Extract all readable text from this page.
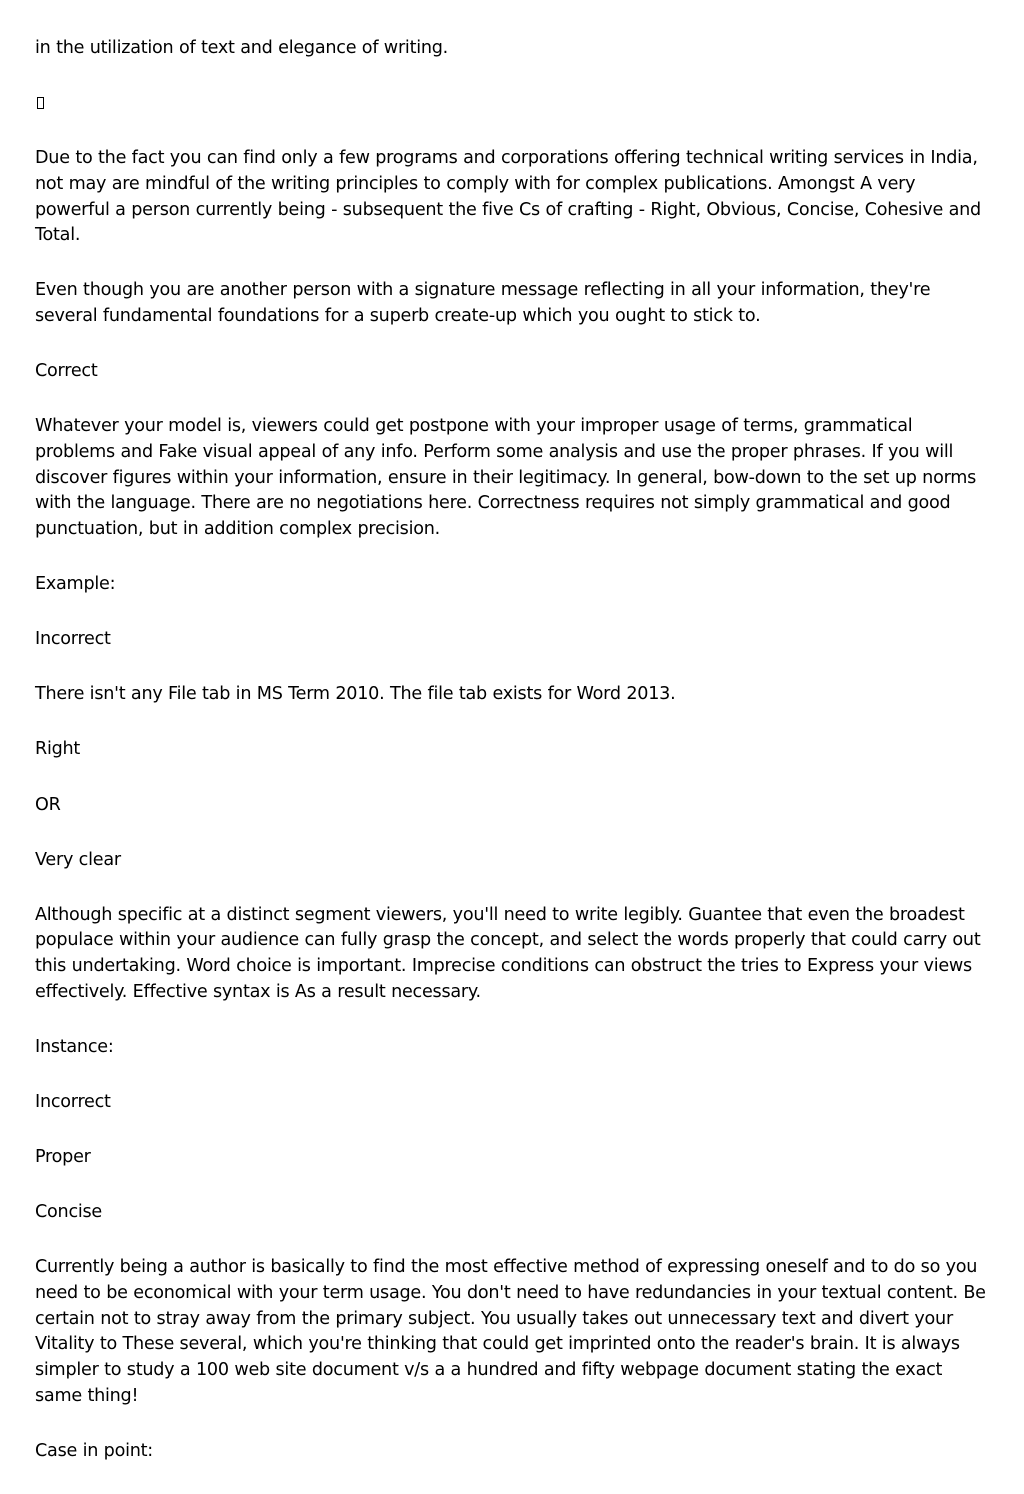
in the utilization of text and elegance of writing.

Due to the fact you can find only a few programs and corporations offering technical writing services in India, not may are mindful of the writing principles to comply with for complex publications. Amongst A very powerful a person currently being - subsequent the five Cs of crafting - Right, Obvious, Concise, Cohesive and Total.

Even though you are another person with a signature message reflecting in all your information, they're several fundamental foundations for a superb create-up which you ought to stick to.

Correct

Whatever your model is, viewers could get postpone with your improper usage of terms, grammatical problems and Fake visual appeal of any info. Perform some analysis and use the proper phrases. If you will discover figures within your information, ensure in their legitimacy. In general, bow-down to the set up norms with the language. There are no negotiations here. Correctness requires not simply grammatical and good punctuation, but in addition complex precision.

Example:

Incorrect

There isn't any File tab in MS Term 2010. The file tab exists for Word 2013.

Right

OR

Very clear

Although specific at a distinct segment viewers, you'll need to write legibly. Guantee that even the broadest populace within your audience can fully grasp the concept, and select the words properly that could carry out this undertaking. Word choice is important. Imprecise conditions can obstruct the tries to Express your views effectively. Effective syntax is As a result necessary.

Instance:

Incorrect

Proper

Concise

Currently being a author is basically to find the most effective method of expressing oneself and to do so you need to be economical with your term usage. You don't need to have redundancies in your textual content. Be certain not to stray away from the primary subject. You usually takes out unnecessary text and divert your Vitality to These several, which you're thinking that could get imprinted onto the reader's brain. It is always simpler to study a 100 web site document v/s a a hundred and fifty webpage document stating the exact same thing!

Case in point:
